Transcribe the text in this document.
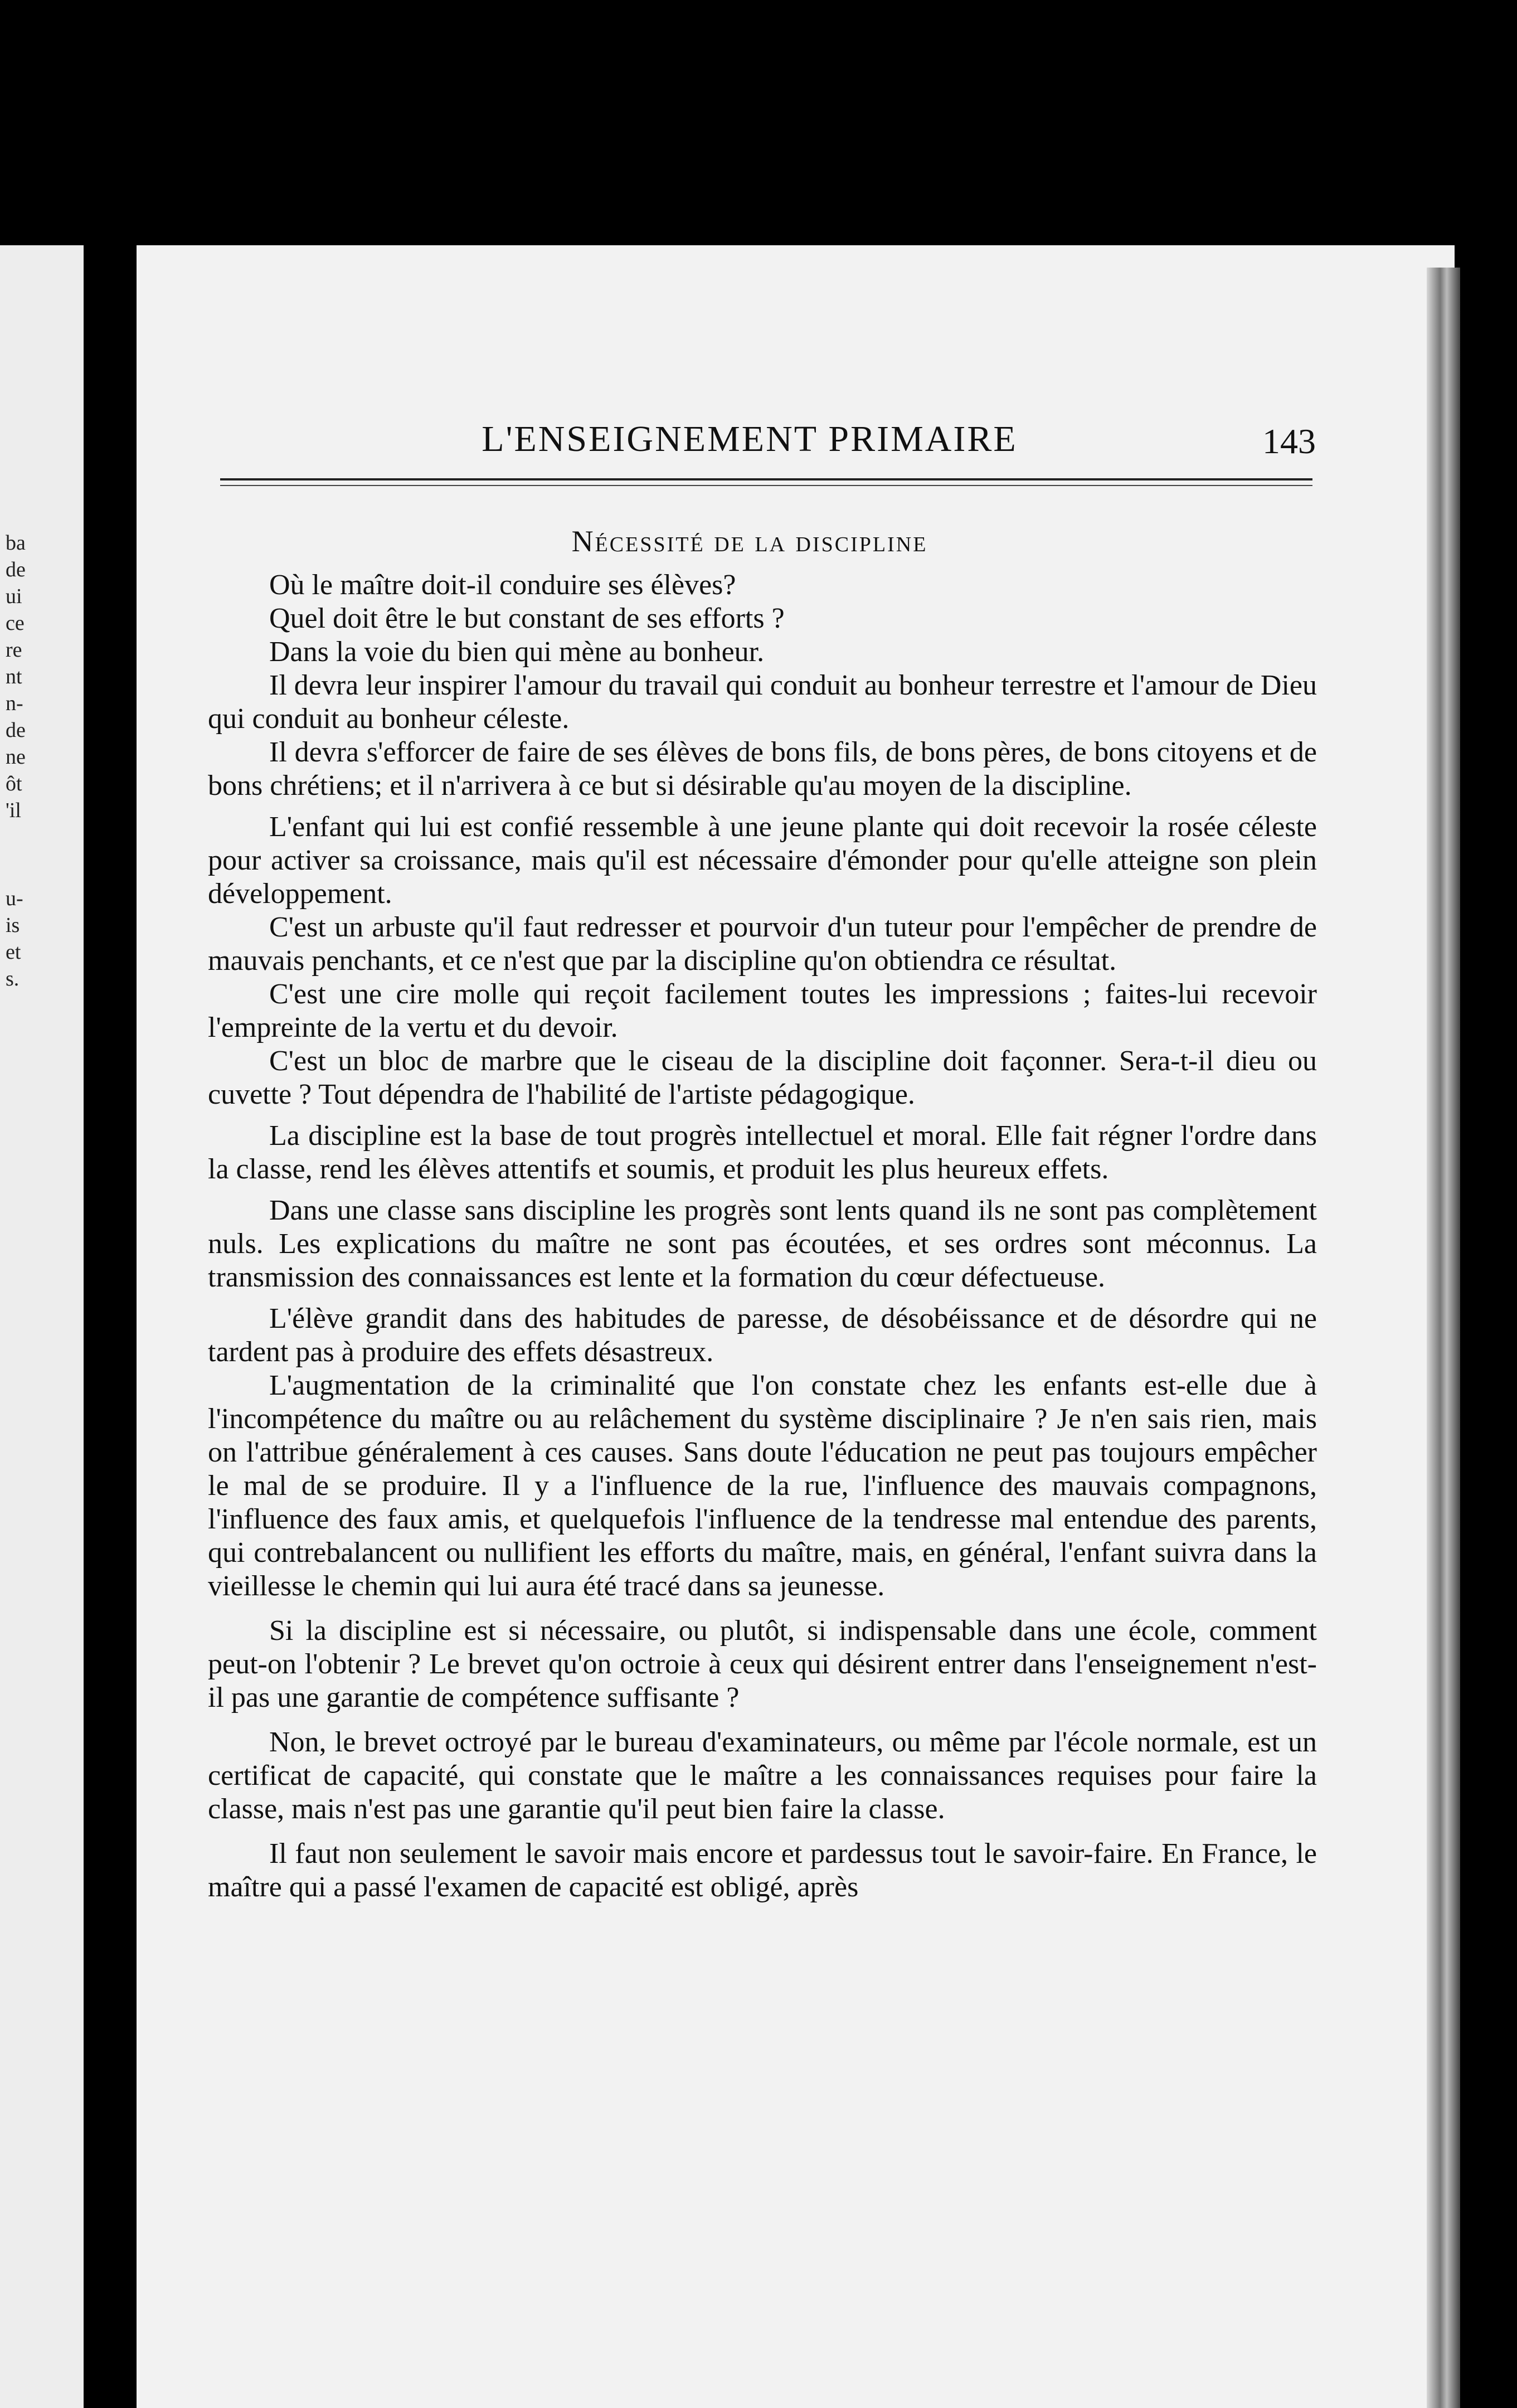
ba
de
ui
ce
re
nt
n-
de
ne
ôt
'il
u-
is
et
s.
L'ENSEIGNEMENT PRIMAIRE	143
Nécessité de la discipline

Où le maître doit-il conduire ses élèves?

Quel doit être le but constant de ses efforts ?

Dans la voie du bien qui mène au bonheur.

Il devra leur inspirer l'amour du travail qui conduit au bonheur terrestre et l'amour de Dieu qui conduit au bonheur céleste.

Il devra s'efforcer de faire de ses élèves de bons fils, de bons pères, de bons citoyens et de bons chrétiens; et il n'arrivera à ce but si désirable qu'au moyen de la discipline.

L'enfant qui lui est confié ressemble à une jeune plante qui doit recevoir la rosée céleste pour activer sa croissance, mais qu'il est nécessaire d'émonder pour qu'elle atteigne son plein développement.

C'est un arbuste qu'il faut redresser et pourvoir d'un tuteur pour l'empêcher de prendre de mauvais penchants, et ce n'est que par la discipline qu'on obtiendra ce résultat.

C'est une cire molle qui reçoit facilement toutes les impressions ; faites-lui recevoir l'empreinte de la vertu et du devoir.

C'est un bloc de marbre que le ciseau de la discipline doit façonner. Sera-t-il dieu ou cuvette ? Tout dépendra de l'habilité de l'artiste pédagogique.

La discipline est la base de tout progrès intellectuel et moral. Elle fait régner l'ordre dans la classe, rend les élèves attentifs et soumis, et produit les plus heureux effets.

Dans une classe sans discipline les progrès sont lents quand ils ne sont pas complètement nuls. Les explications du maître ne sont pas écoutées, et ses ordres sont méconnus. La transmission des connaissances est lente et la formation du cœur défectueuse.

L'élève grandit dans des habitudes de paresse, de désobéissance et de désordre qui ne tardent pas à produire des effets désastreux.

L'augmentation de la criminalité que l'on constate chez les enfants est-elle due à l'incompétence du maître ou au relâchement du système disciplinaire ? Je n'en sais rien, mais on l'attribue généralement à ces causes. Sans doute l'éducation ne peut pas toujours empêcher le mal de se produire. Il y a l'influence de la rue, l'influence des mauvais compagnons, l'influence des faux amis, et quelquefois l'influence de la tendresse mal entendue des parents, qui contrebalancent ou nullifient les efforts du maître, mais, en général, l'enfant suivra dans la vieillesse le chemin qui lui aura été tracé dans sa jeunesse.

Si la discipline est si nécessaire, ou plutôt, si indispensable dans une école, comment peut-on l'obtenir ? Le brevet qu'on octroie à ceux qui désirent entrer dans l'enseignement n'est-il pas une garantie de compétence suffisante ?

Non, le brevet octroyé par le bureau d'examinateurs, ou même par l'école normale, est un certificat de capacité, qui constate que le maître a les connaissances requises pour faire la classe, mais n'est pas une garantie qu'il peut bien faire la classe.

Il faut non seulement le savoir mais encore et pardessus tout le savoir-faire. En France, le maître qui a passé l'examen de capacité est obligé, après
